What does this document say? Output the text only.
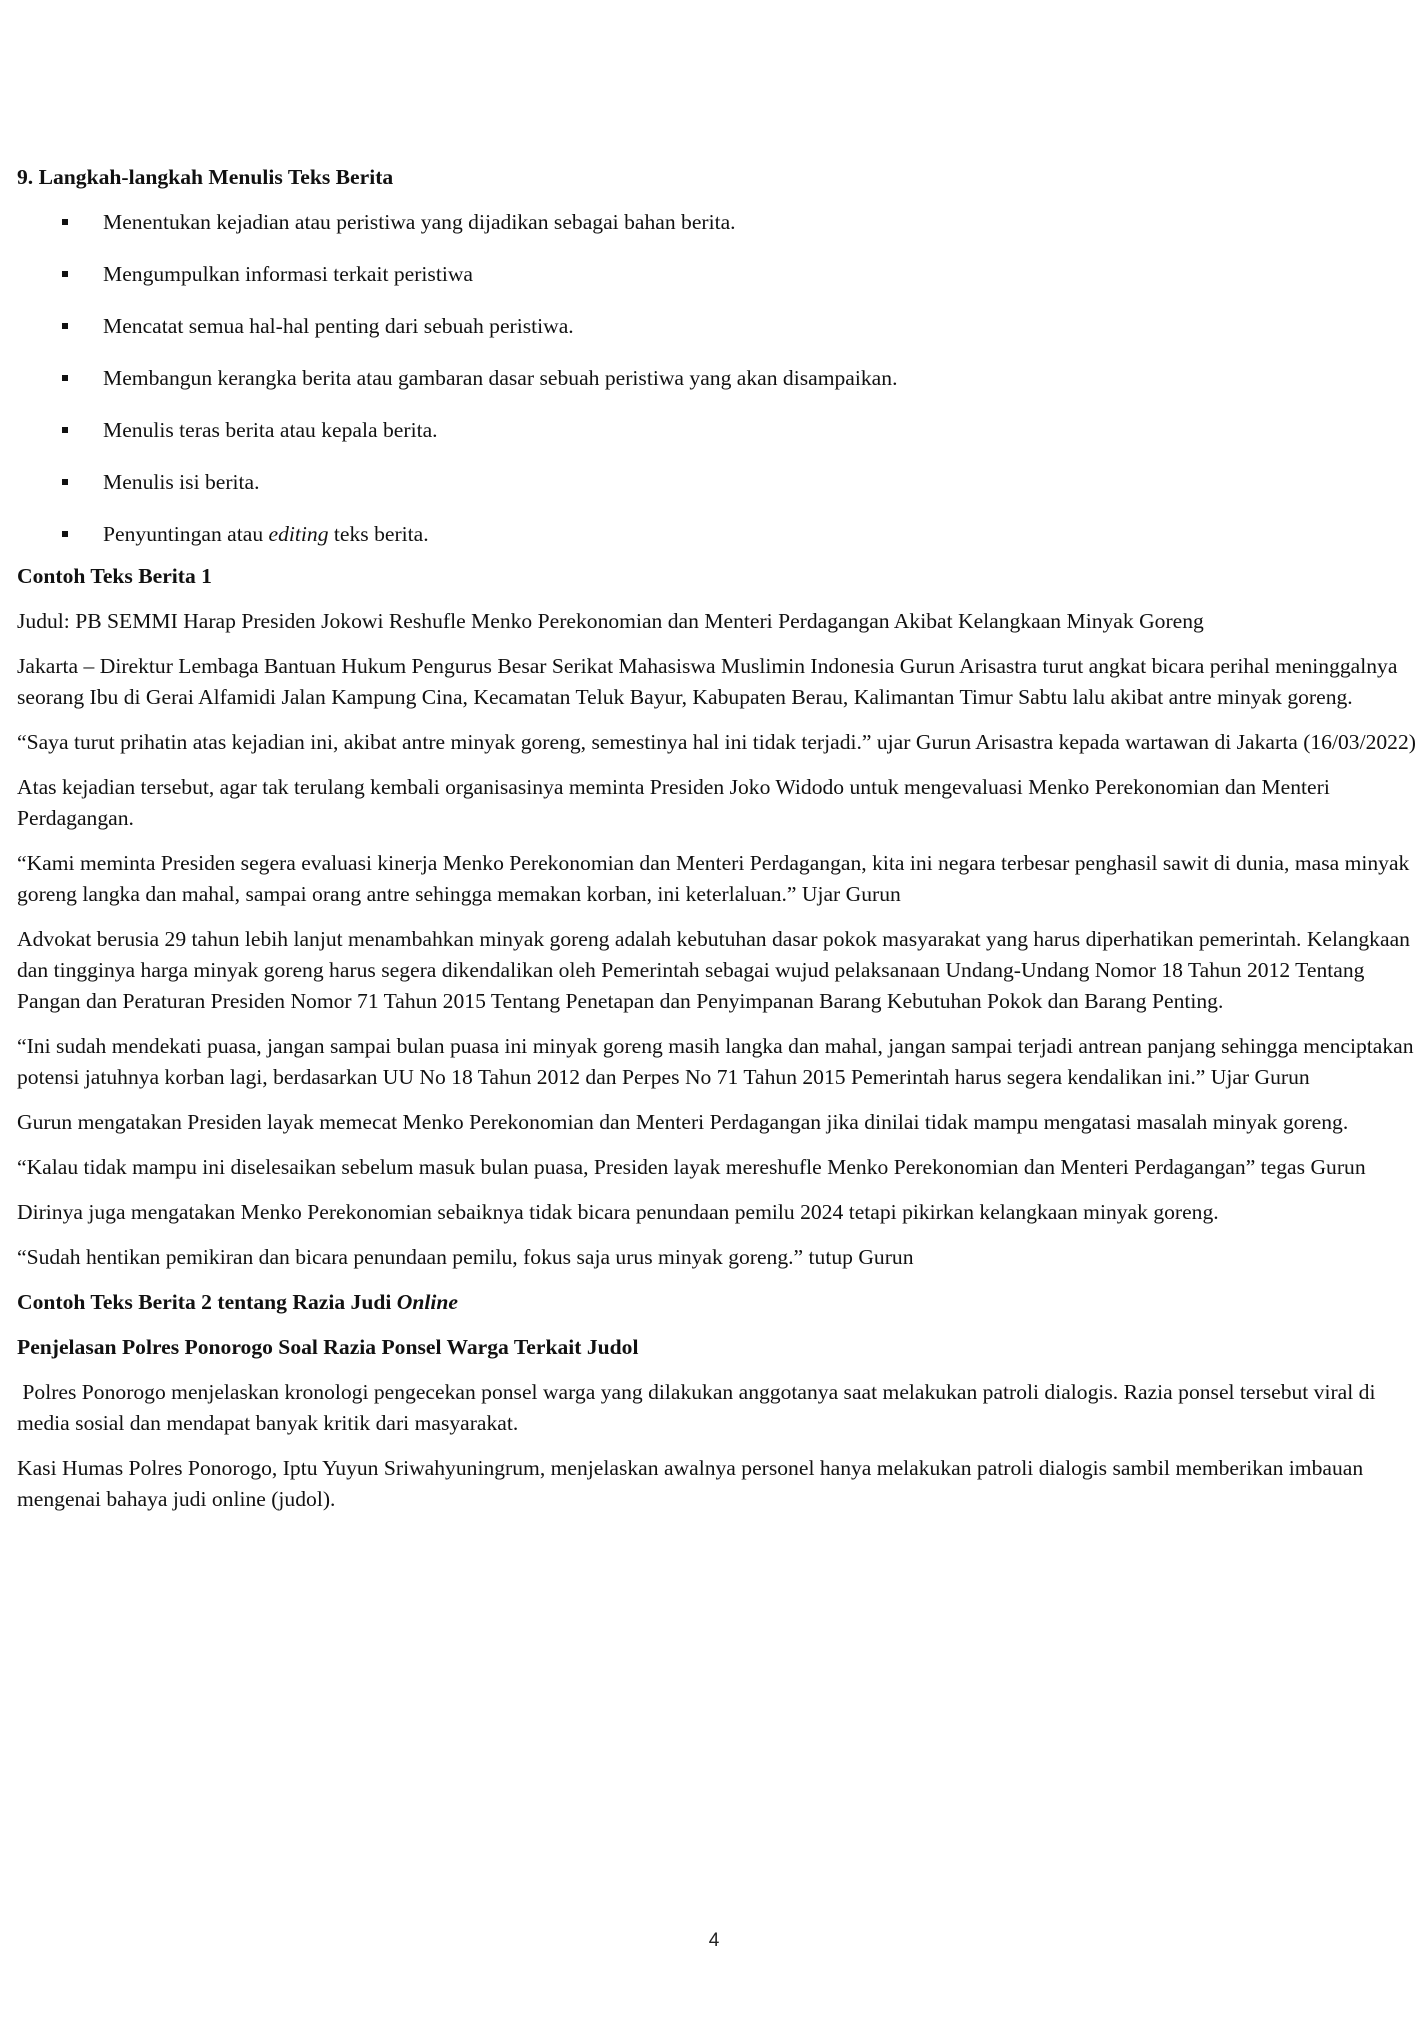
9. Langkah-langkah Menulis Teks Berita

Menentukan kejadian atau peristiwa yang dijadikan sebagai bahan berita.
Mengumpulkan informasi terkait peristiwa
Mencatat semua hal-hal penting dari sebuah peristiwa.
Membangun kerangka berita atau gambaran dasar sebuah peristiwa yang akan disampaikan.
Menulis teras berita atau kepala berita.
Menulis isi berita.
Penyuntingan atau editing teks berita.

Contoh Teks Berita 1

Judul: PB SEMMI Harap Presiden Jokowi Reshufle Menko Perekonomian dan Menteri Perdagangan Akibat Kelangkaan Minyak Goreng

Jakarta – Direktur Lembaga Bantuan Hukum Pengurus Besar Serikat Mahasiswa Muslimin Indonesia Gurun Arisastra turut angkat bicara perihal meninggalnya seorang Ibu di Gerai Alfamidi Jalan Kampung Cina, Kecamatan Teluk Bayur, Kabupaten Berau, Kalimantan Timur Sabtu lalu akibat antre minyak goreng.

“Saya turut prihatin atas kejadian ini, akibat antre minyak goreng, semestinya hal ini tidak terjadi.” ujar Gurun Arisastra kepada wartawan di Jakarta (16/03/2022)

Atas kejadian tersebut, agar tak terulang kembali organisasinya meminta Presiden Joko Widodo untuk mengevaluasi Menko Perekonomian dan Menteri Perdagangan.

“Kami meminta Presiden segera evaluasi kinerja Menko Perekonomian dan Menteri Perdagangan, kita ini negara terbesar penghasil sawit di dunia, masa minyak goreng langka dan mahal, sampai orang antre sehingga memakan korban, ini keterlaluan.” Ujar Gurun

Advokat berusia 29 tahun lebih lanjut menambahkan minyak goreng adalah kebutuhan dasar pokok masyarakat yang harus diperhatikan pemerintah. Kelangkaan dan tingginya harga minyak goreng harus segera dikendalikan oleh Pemerintah sebagai wujud pelaksanaan Undang-Undang Nomor 18 Tahun 2012 Tentang Pangan dan Peraturan Presiden Nomor 71 Tahun 2015 Tentang Penetapan dan Penyimpanan Barang Kebutuhan Pokok dan Barang Penting.

“Ini sudah mendekati puasa, jangan sampai bulan puasa ini minyak goreng masih langka dan mahal, jangan sampai terjadi antrean panjang sehingga menciptakan potensi jatuhnya korban lagi, berdasarkan UU No 18 Tahun 2012 dan Perpes No 71 Tahun 2015 Pemerintah harus segera kendalikan ini.” Ujar Gurun

Gurun mengatakan Presiden layak memecat Menko Perekonomian dan Menteri Perdagangan jika dinilai tidak mampu mengatasi masalah minyak goreng.

“Kalau tidak mampu ini diselesaikan sebelum masuk bulan puasa, Presiden layak mereshufle Menko Perekonomian dan Menteri Perdagangan” tegas Gurun

Dirinya juga mengatakan Menko Perekonomian sebaiknya tidak bicara penundaan pemilu 2024 tetapi pikirkan kelangkaan minyak goreng.

“Sudah hentikan pemikiran dan bicara penundaan pemilu, fokus saja urus minyak goreng.” tutup Gurun

Contoh Teks Berita 2 tentang Razia Judi Online

Penjelasan Polres Ponorogo Soal Razia Ponsel Warga Terkait Judol

Polres Ponorogo menjelaskan kronologi pengecekan ponsel warga yang dilakukan anggotanya saat melakukan patroli dialogis. Razia ponsel tersebut viral di media sosial dan mendapat banyak kritik dari masyarakat.

Kasi Humas Polres Ponorogo, Iptu Yuyun Sriwahyuningrum, menjelaskan awalnya personel hanya melakukan patroli dialogis sambil memberikan imbauan mengenai bahaya judi online (judol).

4
